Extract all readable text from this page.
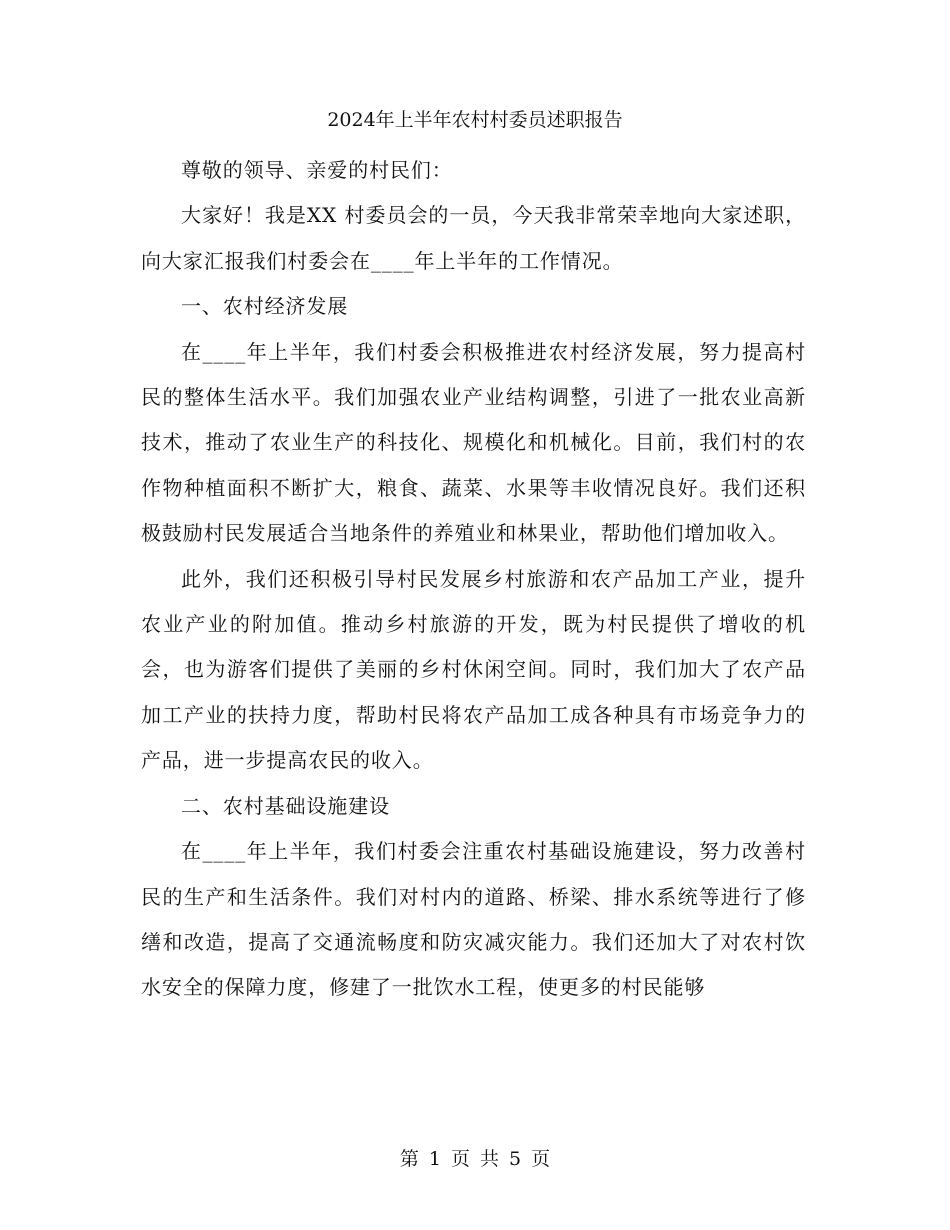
2024年上半年农村村委员述职报告

尊敬的领导、亲爱的村民们：

大家好！我是XX 村委员会的一员，今天我非常荣幸地向大家述职，向大家汇报我们村委会在____年上半年的工作情况。

一、农村经济发展

在____年上半年，我们村委会积极推进农村经济发展，努力提高村民的整体生活水平。我们加强农业产业结构调整，引进了一批农业高新技术，推动了农业生产的科技化、规模化和机械化。目前，我们村的农作物种植面积不断扩大，粮食、蔬菜、水果等丰收情况良好。我们还积极鼓励村民发展适合当地条件的养殖业和林果业，帮助他们增加收入。

此外，我们还积极引导村民发展乡村旅游和农产品加工产业，提升农业产业的附加值。推动乡村旅游的开发，既为村民提供了增收的机会，也为游客们提供了美丽的乡村休闲空间。同时，我们加大了农产品加工产业的扶持力度，帮助村民将农产品加工成各种具有市场竞争力的产品，进一步提高农民的收入。

二、农村基础设施建设

在____年上半年，我们村委会注重农村基础设施建设，努力改善村民的生产和生活条件。我们对村内的道路、桥梁、排水系统等进行了修缮和改造，提高了交通流畅度和防灾减灾能力。我们还加大了对农村饮水安全的保障力度，修建了一批饮水工程，使更多的村民能够

第 1 页 共 5 页
